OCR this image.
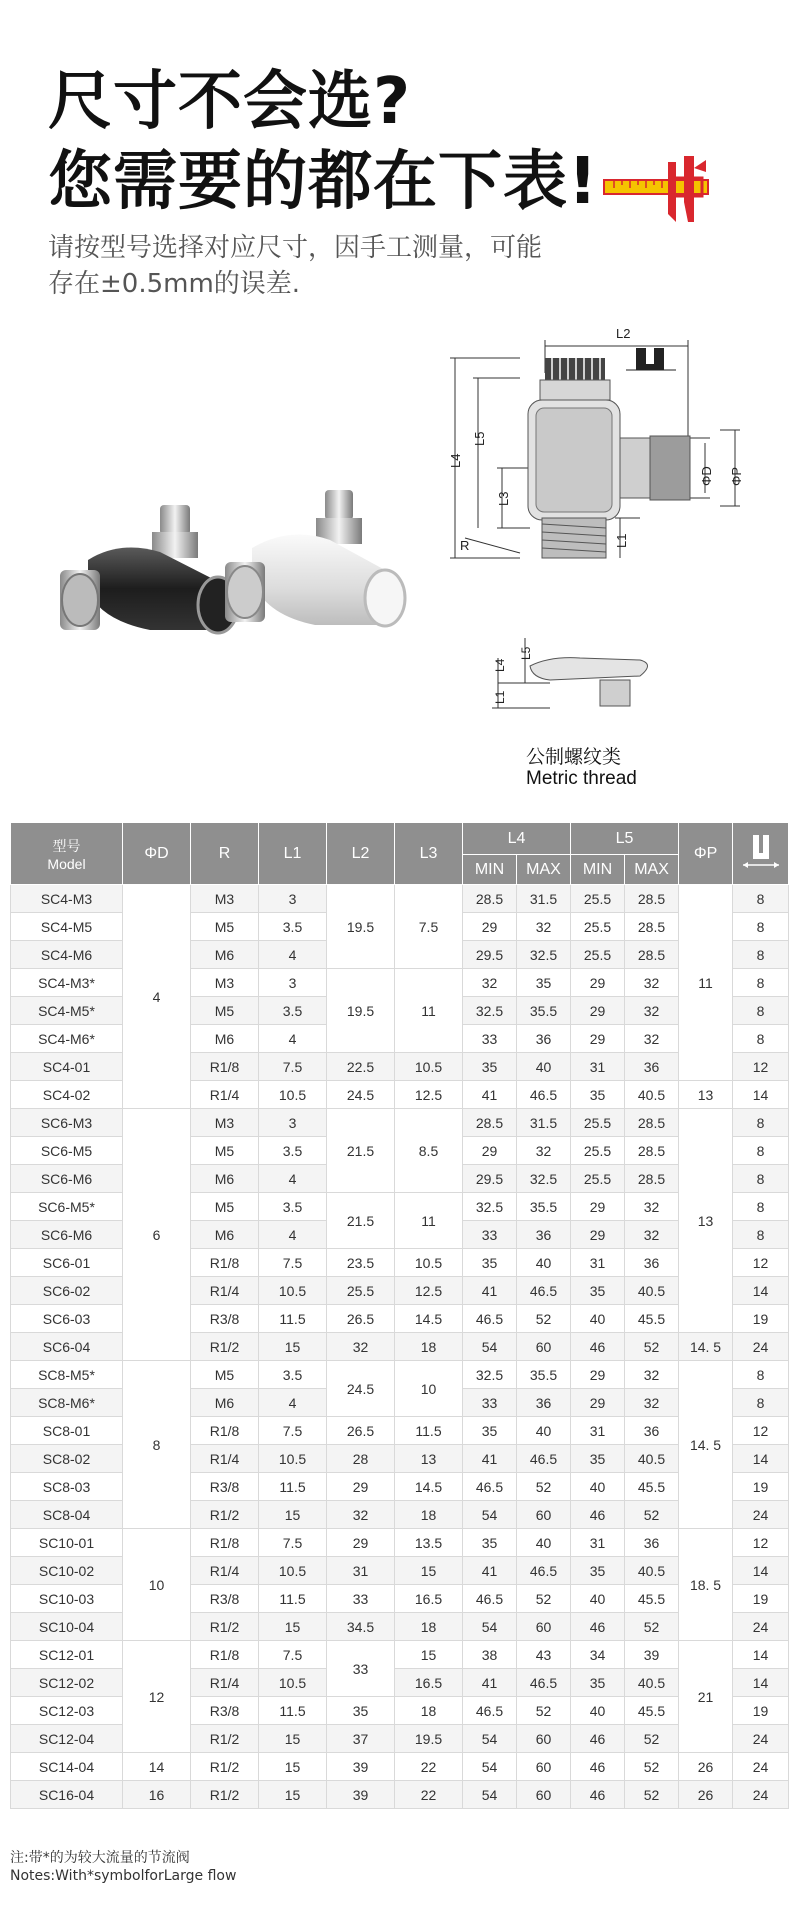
尺寸不会选?
您需要的都在下表!
请按型号选择对应尺寸，因手工测量，可能
存在±0.5mm的误差.
L2
L5
L4
L3
L1
R
ΦD ΦP
L5
L4
L1
公制螺纹类
Metric thread
型号
Model	ΦD	R	L1	L2	L3	L4		L5		ΦP	
						MIN	MAX	MIN	MAX		
SC4-M3	4	M3	3	19.5	7.5	28.5	31.5	25.5	28.5	11	8
SC4-M5		M5	3.5			29	32	25.5	28.5		8
SC4-M6		M6	4			29.5	32.5	25.5	28.5		8
SC4-M3*		M3	3	19.5	11	32	35	29	32		8
SC4-M5*		M5	3.5			32.5	35.5	29	32		8
SC4-M6*		M6	4			33	36	29	32		8
SC4-01		R1/8	7.5	22.5	10.5	35	40	31	36		12
SC4-02		R1/4	10.5	24.5	12.5	41	46.5	35	40.5	13	14
SC6-M3	6	M3	3	21.5	8.5	28.5	31.5	25.5	28.5	13	8
SC6-M5		M5	3.5			29	32	25.5	28.5		8
SC6-M6		M6	4			29.5	32.5	25.5	28.5		8
SC6-M5*		M5	3.5	21.5	11	32.5	35.5	29	32		8
SC6-M6		M6	4			33	36	29	32		8
SC6-01		R1/8	7.5	23.5	10.5	35	40	31	36		12
SC6-02		R1/4	10.5	25.5	12.5	41	46.5	35	40.5		14
SC6-03		R3/8	11.5	26.5	14.5	46.5	52	40	45.5		19
SC6-04		R1/2	15	32	18	54	60	46	52	14. 5	24
SC8-M5*	8	M5	3.5	24.5	10	32.5	35.5	29	32	14. 5	8
SC8-M6*		M6	4			33	36	29	32		8
SC8-01		R1/8	7.5	26.5	11.5	35	40	31	36		12
SC8-02		R1/4	10.5	28	13	41	46.5	35	40.5		14
SC8-03		R3/8	11.5	29	14.5	46.5	52	40	45.5		19
SC8-04		R1/2	15	32	18	54	60	46	52		24
SC10-01	10	R1/8	7.5	29	13.5	35	40	31	36	18. 5	12
SC10-02		R1/4	10.5	31	15	41	46.5	35	40.5		14
SC10-03		R3/8	11.5	33	16.5	46.5	52	40	45.5		19
SC10-04		R1/2	15	34.5	18	54	60	46	52		24
SC12-01	12	R1/8	7.5	33	15	38	43	34	39	21	14
SC12-02		R1/4	10.5		16.5	41	46.5	35	40.5		14
SC12-03		R3/8	11.5	35	18	46.5	52	40	45.5		19
SC12-04		R1/2	15	37	19.5	54	60	46	52		24
SC14-04	14	R1/2	15	39	22	54	60	46	52	26	24
SC16-04	16	R1/2	15	39	22	54	60	46	52	26	24
注:带*的为较大流量的节流阀
Notes:With*symbolforLarge flow
